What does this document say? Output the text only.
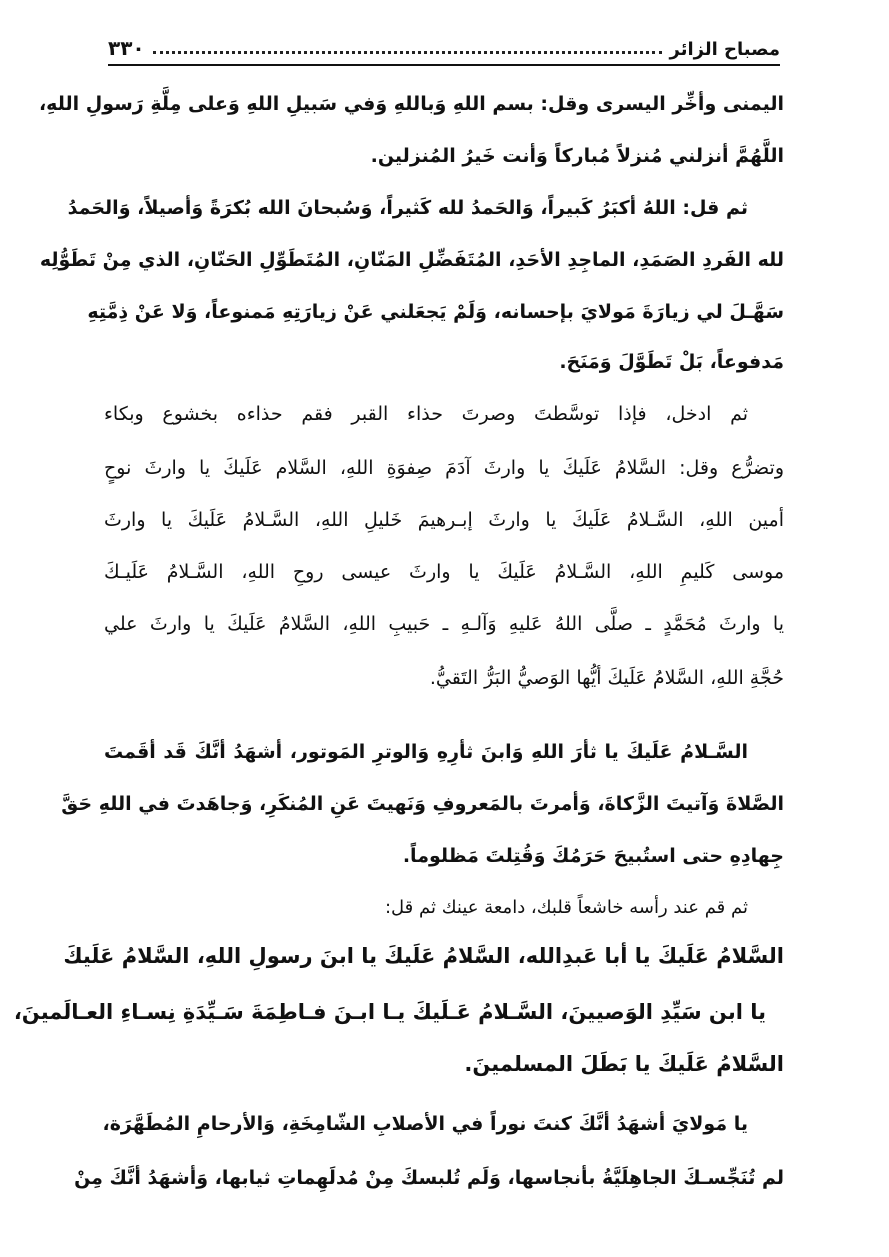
مصباح الزائر
٣٣٠
اليمنى وأخِّر اليسرى وقل: بسم اللهِ وَباللهِ وَفي سَبيلِ اللهِ وَعلى مِلَّةِ رَسولِ اللهِ،
اللَّهُمَّ أنزلني مُنزلاً مُباركاً وَأنت خَيرُ المُنزلين.
ثم قل: اللهُ أكبَرُ كَبيراً، وَالحَمدُ لله كَثيراً، وَسُبحانَ الله بُكرَةً وَأصيلاً، وَالحَمدُ
لله الفَردِ الصَمَدِ، الماجِدِ الأحَدِ، المُتَفَضِّلِ المَنّانِ، المُتَطَوِّلِ الحَنّانِ، الذي مِنْ تَطَوُّلِه
سَهَّـلَ لي زيارَةَ مَولايَ بإحسانه، وَلَمْ يَجعَلني عَنْ زيارَتِهِ مَمنوعاً، وَلا عَنْ ذِمَّتِهِ
مَدفوعاً، بَلْ تَطَوَّلَ وَمَنَحَ.
ثم ادخل، فإذا توسَّطتَ وصرتَ حذاء القبر فقم حذاءه بخشوع وبكاء
وتضرُّع وقل: السَّلامُ عَلَيكَ يا وارثَ آدَمَ صِفوَةِ اللهِ، السَّلام عَلَيكَ يا وارثَ نوحٍ
أمين اللهِ، السَّـلامُ عَلَيكَ يا وارثَ إبـرهيمَ خَليلِ اللهِ، السَّـلامُ عَلَيكَ يا وارثَ
موسى كَليمِ اللهِ، السَّـلامُ عَلَيكَ يا وارثَ عيسى روحِ اللهِ، السَّـلامُ عَلَيـكَ
يا وارثَ مُحَمَّدٍ ـ صلَّى اللهُ عَليهِ وَآلـهِ ـ حَبيبِ اللهِ، السَّلامُ عَلَيكَ يا وارثَ علي
حُجَّةِ اللهِ، السَّلامُ عَلَيكَ أيُّها الوَصيُّ البَرُّ التَقيُّ.
السَّـلامُ عَلَيكَ يا ثأرَ اللهِ وَابنَ ثأرِهِ وَالوترِ المَوتور، أشهَدُ أنَّكَ قَد أقَمتَ
الصَّلاةَ وَآتيتَ الزَّكاةَ، وَأمرتَ بالمَعروفِ وَنَهيتَ عَنِ المُنكَرِ، وَجاهَدتَ في اللهِ حَقَّ
جِهادِهِ حتى استُبيحَ حَرَمُكَ وَقُتِلتَ مَظلوماً.
ثم قم عند رأسه خاشعاً قلبك، دامعة عينك ثم قل:
السَّلامُ عَلَيكَ يا أبا عَبدِالله، السَّلامُ عَلَيكَ يا ابنَ رسولِ اللهِ، السَّلامُ عَلَيكَ
يا ابن سَيِّدِ الوَصيينَ، السَّـلامُ عَـلَيكَ يـا ابـنَ فـاطِمَةَ سَـيِّدَةِ نِسـاءِ العـالَمينَ،
السَّلامُ عَلَيكَ يا بَطَلَ المسلمينَ.
يا مَولايَ أشهَدُ أنَّكَ كنتَ نوراً في الأصلابِ الشّامِخَةِ، وَالأرحامِ المُطَهَّرَة،
لم تُنَجِّسـكَ الجاهِلَيَّةُ بأنجاسها، وَلَم تُلبسكَ مِنْ مُدلَهِماتِ ثيابها، وَأشهَدُ أنَّكَ مِنْ
